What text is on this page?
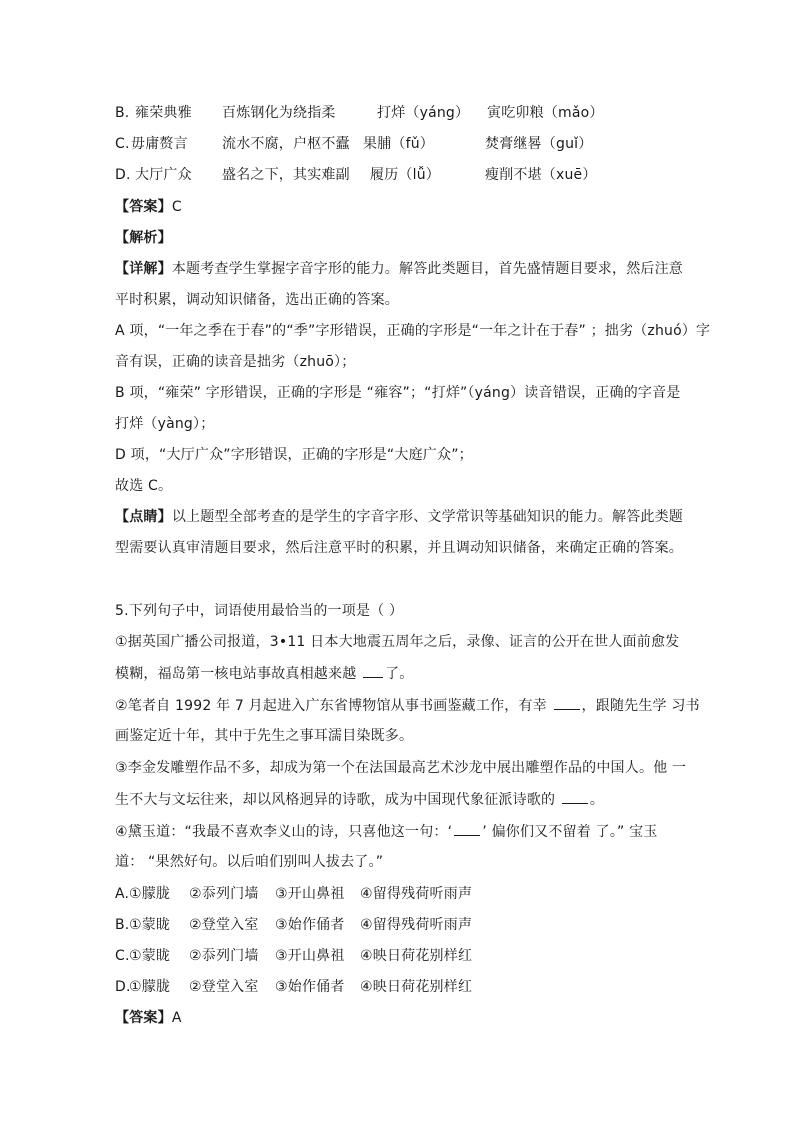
B. 雍荣典雅 百炼钢化为绕指柔	打烊（yáng） 寅吃卯粮（mǎo）
C. 毋庸赘言 流水不腐，户枢不蠹 果脯（fǔ）	焚膏继晷（guǐ）
D. 大厅广众 盛名之下，其实难副 履历（lǚ）	瘦削不堪（xuē）
【答案】C
【解析】
【详解】本题考查学生掌握字音字形的能力。解答此类题目，首先盛情题目要求，然后注意
平时积累，调动知识储备，选出正确的答案。
A 项，“一年之季在于春”的“季”字形错误，正确的字形是“一年之计在于春” ；拙劣（zhuó）字
音有误，正确的读音是拙劣（zhuō）；
B 项，“雍荣” 字形错误，正确的字形是 “雍容”；“打烊”（yáng）读音错误，正确的字音是
打烊（yàng）；
D 项，“大厅广众”字形错误，正确的字形是“大庭广众”；
故选 C。
【点睛】以上题型全部考查的是学生的字音字形、文学常识等基础知识的能力。解答此类题
型需要认真审清题目要求，然后注意平时的积累，并且调动知识储备，来确定正确的答案。
5.下列句子中，词语使用最恰当的一项是（ ）
①据英国广播公司报道，3•11 日本大地震五周年之后，录像、证言的公开在世人面前愈发
模糊，福岛第一核电站事故真相越来越 了。
②笔者自 1992 年 7 月起进入广东省博物馆从事书画鉴藏工作，有幸 ，跟随先生学 习书
画鉴定近十年，其中于先生之事耳濡目染既多。
③李金发雕塑作品不多，却成为第一个在法国最高艺术沙龙中展出雕塑作品的中国人。他 一
生不大与文坛往来，却以风格迥异的诗歌，成为中国现代象征派诗歌的 。
④黛玉道：“我最不喜欢李义山的诗，只喜他这一句：‘ ’ 偏你们又不留着 了。” 宝玉
道： “果然好句。以后咱们别叫人拔去了。”
A. ①朦胧 ②忝列门墙 ③开山鼻祖 ④留得残荷听雨声
B. ①蒙眬 ②登堂入室 ③始作俑者 ④留得残荷听雨声
C. ①蒙眬 ②忝列门墙 ③开山鼻祖 ④映日荷花别样红
D.
①朦胧 ②登堂入室 ③始作俑者 ④映日荷花别样红
【答案】A
